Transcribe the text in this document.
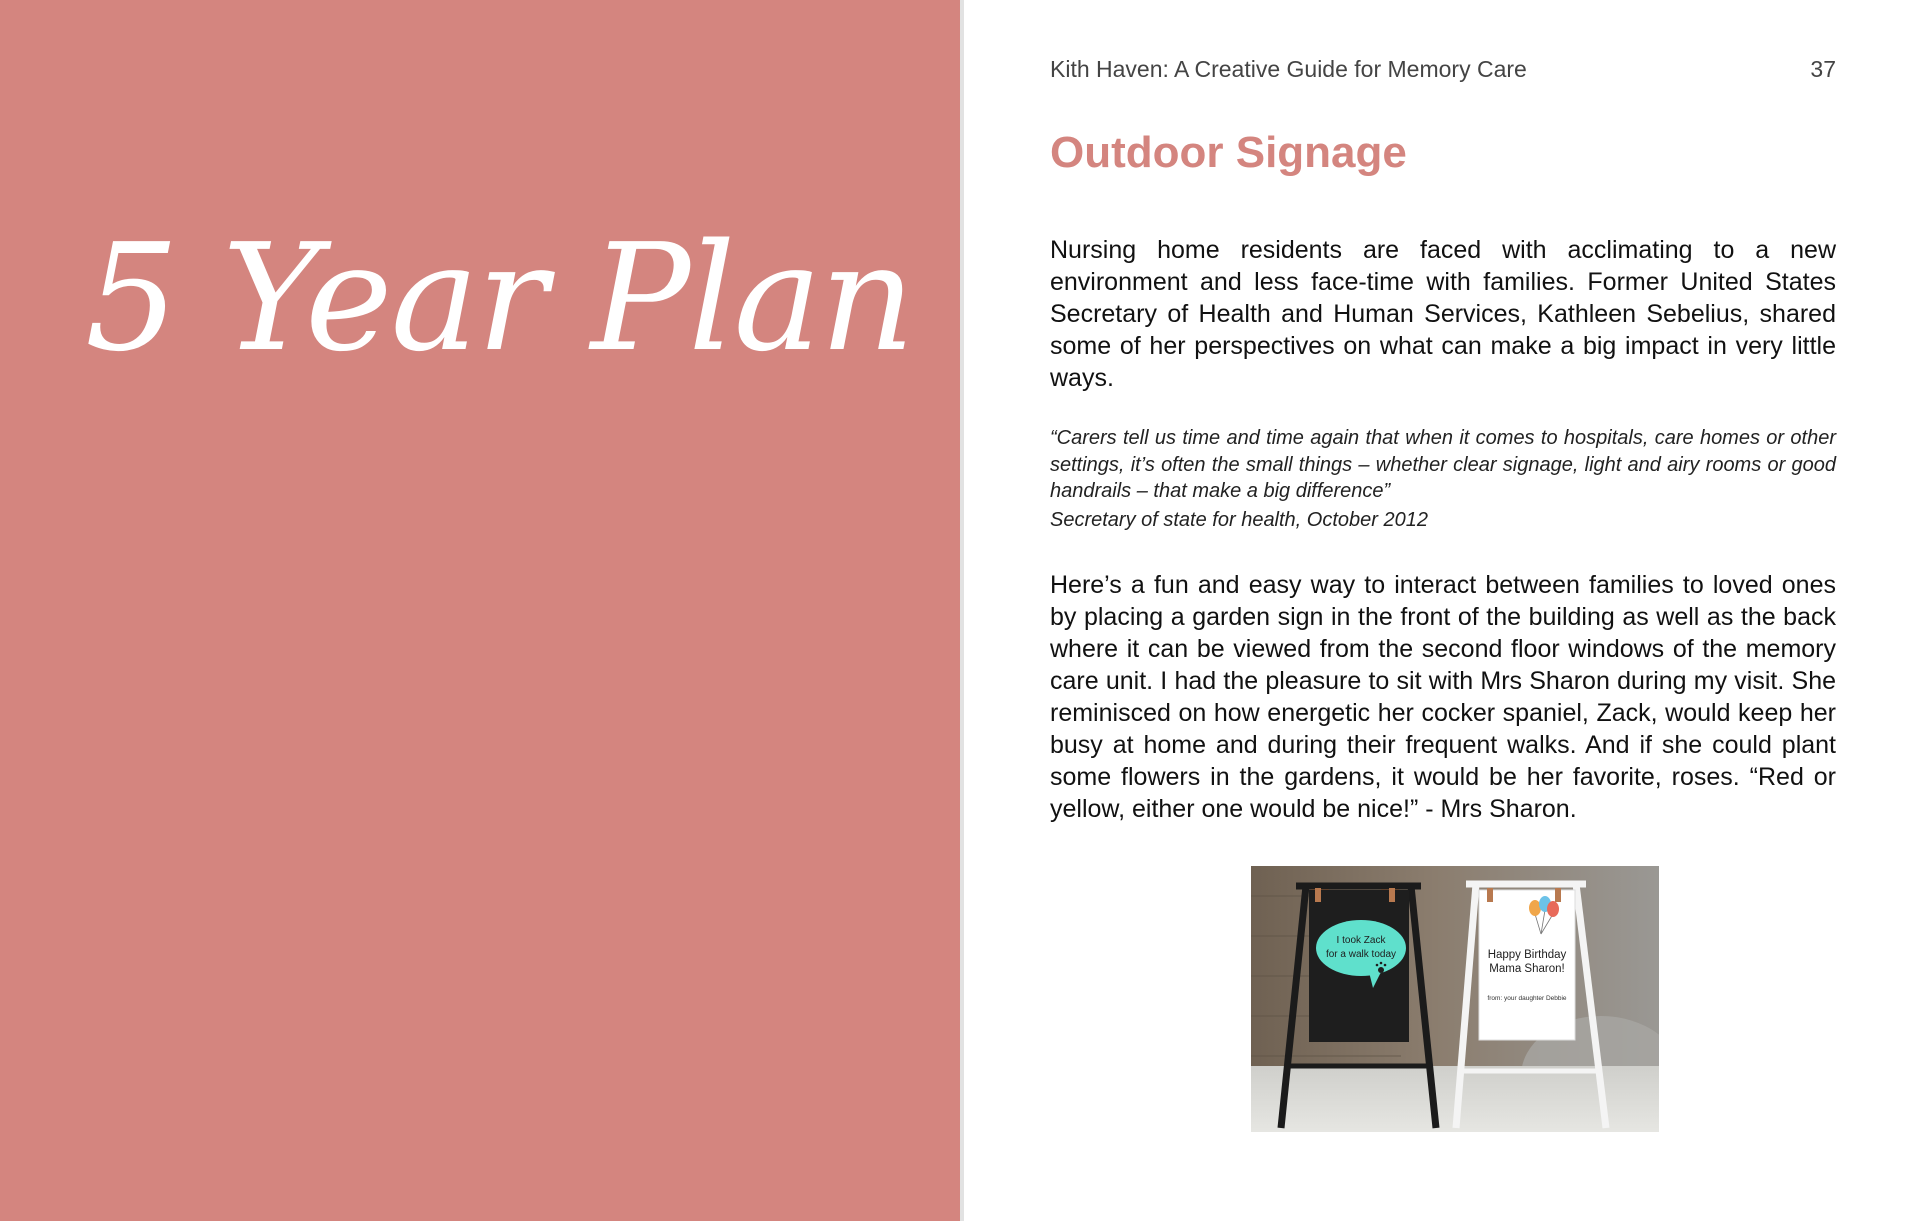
5 Year Plan
Kith Haven: A Creative Guide for Memory Care	37
Outdoor Signage

Nursing home residents are faced with acclimating to a new environment and less face-time with families. Former United States Secretary of Health and Human Services, Kathleen Sebelius, shared some of her perspectives on what can make a big impact in very little ways.

“Carers tell us time and time again that when it comes to hospitals, care homes or other settings, it’s often the small things – whether clear signage, light and airy rooms or good handrails – that make a big difference”

Secretary of state for health, October 2012

Here’s a fun and easy way to interact between families to loved ones by placing a garden sign in the front of the building as well as the back where it can be viewed from the second floor windows of the memory care unit. I had the pleasure to sit with Mrs Sharon during my visit. She reminisced on how energetic her cocker spaniel, Zack, would keep her busy at home and during their frequent walks. And if she could plant some flowers in the gardens, it would be her favorite, roses. “Red or yellow, either one would be nice!” - Mrs Sharon.

I took Zack
for a walk today	Happy Birthday
Mama Sharon!
from: your daughter Debbie
